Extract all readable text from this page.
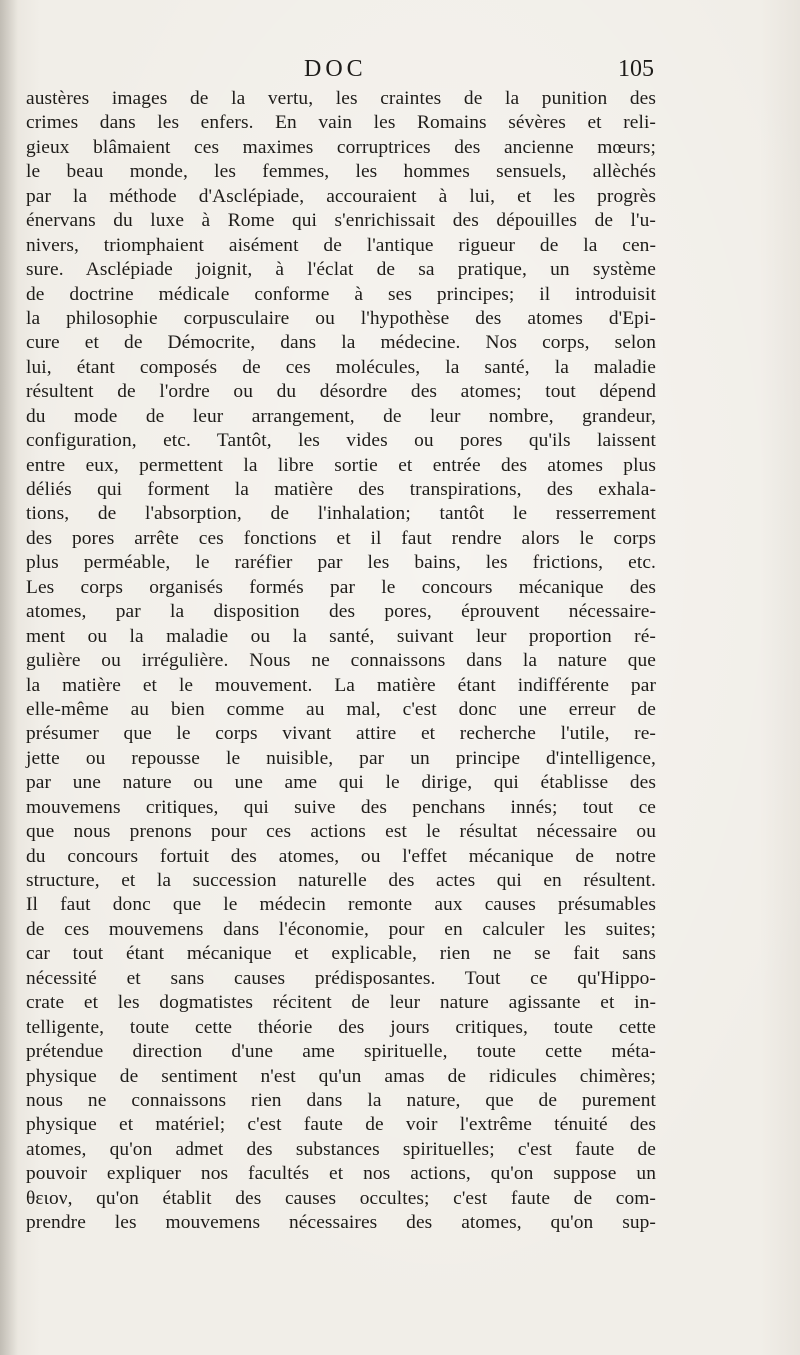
DOC	105
austères images de la vertu, les craintes de la punition des
crimes dans les enfers. En vain les Romains sévères et reli-
gieux blâmaient ces maximes corruptrices des ancienne mœurs;
le beau monde, les femmes, les hommes sensuels, allèchés
par la méthode d'Asclépiade, accouraient à lui, et les progrès
énervans du luxe à Rome qui s'enrichissait des dépouilles de l'u-
nivers, triomphaient aisément de l'antique rigueur de la cen-
sure. Asclépiade joignit, à l'éclat de sa pratique, un système
de doctrine médicale conforme à ses principes; il introduisit
la philosophie corpusculaire ou l'hypothèse des atomes d'Epi-
cure et de Démocrite, dans la médecine. Nos corps, selon
lui, étant composés de ces molécules, la santé, la maladie
résultent de l'ordre ou du désordre des atomes; tout dépend
du mode de leur arrangement, de leur nombre, grandeur,
configuration, etc. Tantôt, les vides ou pores qu'ils laissent
entre eux, permettent la libre sortie et entrée des atomes plus
déliés qui forment la matière des transpirations, des exhala-
tions, de l'absorption, de l'inhalation; tantôt le resserrement
des pores arrête ces fonctions et il faut rendre alors le corps
plus perméable, le raréfier par les bains, les frictions, etc.
Les corps organisés formés par le concours mécanique des
atomes, par la disposition des pores, éprouvent nécessaire-
ment ou la maladie ou la santé, suivant leur proportion ré-
gulière ou irrégulière. Nous ne connaissons dans la nature que
la matière et le mouvement. La matière étant indifférente par
elle-même au bien comme au mal, c'est donc une erreur de
présumer que le corps vivant attire et recherche l'utile, re-
jette ou repousse le nuisible, par un principe d'intelligence,
par une nature ou une ame qui le dirige, qui établisse des
mouvemens critiques, qui suive des penchans innés; tout ce
que nous prenons pour ces actions est le résultat nécessaire ou
du concours fortuit des atomes, ou l'effet mécanique de notre
structure, et la succession naturelle des actes qui en résultent.
Il faut donc que le médecin remonte aux causes présumables
de ces mouvemens dans l'économie, pour en calculer les suites;
car tout étant mécanique et explicable, rien ne se fait sans
nécessité et sans causes prédisposantes. Tout ce qu'Hippo-
crate et les dogmatistes récitent de leur nature agissante et in-
telligente, toute cette théorie des jours critiques, toute cette
prétendue direction d'une ame spirituelle, toute cette méta-
physique de sentiment n'est qu'un amas de ridicules chimères;
nous ne connaissons rien dans la nature, que de purement
physique et matériel; c'est faute de voir l'extrême ténuité des
atomes, qu'on admet des substances spirituelles; c'est faute de
pouvoir expliquer nos facultés et nos actions, qu'on suppose un
θειον, qu'on établit des causes occultes; c'est faute de com-
prendre les mouvemens nécessaires des atomes, qu'on sup-
